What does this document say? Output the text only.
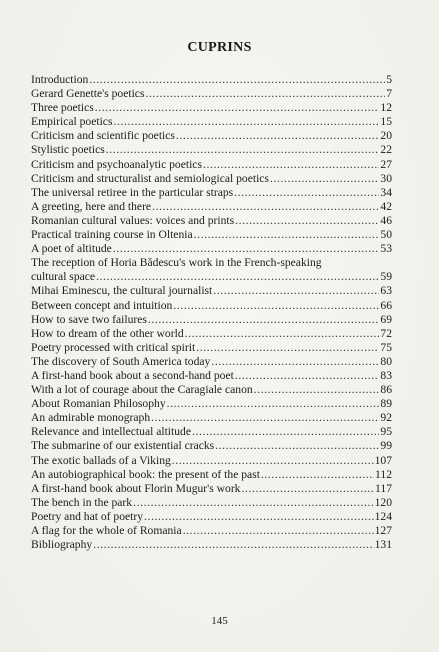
CUPRINS
Introduction .....	5
Gerard Genette's poetics .....	7
Three poetics .....	12
Empirical poetics .....	15
Criticism and scientific poetics .....	20
Stylistic poetics .....	22
Criticism and psychoanalytic poetics .....	27
Criticism and structuralist and semiological poetics .....	30
The universal retiree in the particular straps .....	34
A greeting, here and there .....	42
Romanian cultural values: voices and prints .....	46
Practical training course in Oltenia .....	50
A poet of altitude .....	53
The reception of Horia Bădescu's work in the French-speaking
cultural space .....	59
Mihai Eminescu, the cultural journalist .....	63
Between concept and intuition .....	66
How to save two failures .....	69
How to dream of the other world .....	72
Poetry processed with critical spirit .....	75
The discovery of South America today .....	80
A first-hand book about a second-hand poet .....	83
With a lot of courage about the Caragiale canon .....	86
About Romanian Philosophy .....	89
An admirable monograph .....	92
Relevance and intellectual altitude .....	95
The submarine of our existential cracks .....	99
The exotic ballads of a Viking .....	107
An autobiographical book: the present of the past .....	112
A first-hand book about Florin Mugur's work .....	117
The bench in the park .....	120
Poetry and hat of poetry .....	124
A flag for the whole of Romania .....	127
Bibliography .....	131
145
